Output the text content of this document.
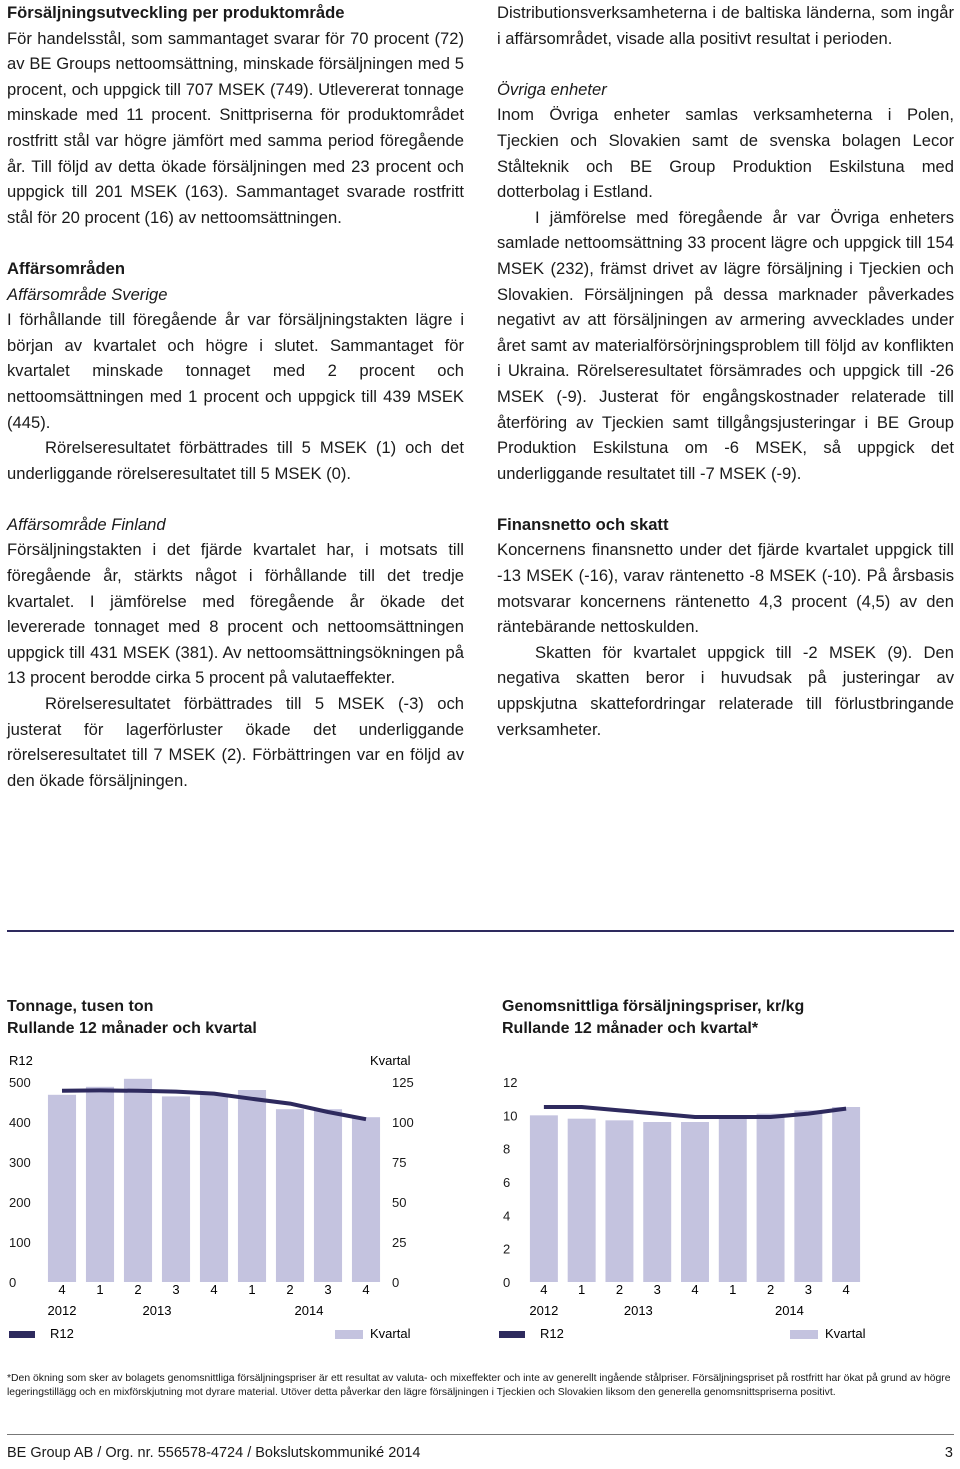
Försäljningsutveckling per produktområde

För handelsstål, som sammantaget svarar för 70 procent (72) av BE Groups nettoomsättning, minskade försäljningen med 5 procent, och uppgick till 707 MSEK (749). Utlevererat tonnage minskade med 11 procent. Snittpriserna för produktområdet rostfritt stål var högre jämfört med samma period föregående år. Till följd av detta ökade försäljningen med 23 procent och uppgick till 201 MSEK (163). Sammantaget svarade rostfritt stål för 20 procent (16) av nettoomsättningen.

Affärsområden
Affärsområde Sverige

I förhållande till föregående år var försäljningstakten lägre i början av kvartalet och högre i slutet. Sammantaget för kvartalet minskade tonnaget med 2 procent och nettoomsättningen med 1 procent och uppgick till 439 MSEK (445).

Rörelseresultatet förbättrades till 5 MSEK (1) och det underliggande rörelseresultatet till 5 MSEK (0).

Affärsområde Finland

Försäljningstakten i det fjärde kvartalet har, i motsats till föregående år, stärkts något i förhållande till det tredje kvartalet. I jämförelse med föregående år ökade det levererade tonnaget med 8 procent och nettoomsättningen uppgick till 431 MSEK (381). Av nettoomsättningsökningen på 13 procent berodde cirka 5 procent på valutaeffekter.

Rörelseresultatet förbättrades till 5 MSEK (-3) och justerat för lagerförluster ökade det underliggande rörelseresultatet till 7 MSEK (2). Förbättringen var en följd av den ökade försäljningen.

Distributionsverksamheterna i de baltiska länderna, som ingår i affärsområdet, visade alla positivt resultat i perioden.

Övriga enheter

Inom Övriga enheter samlas verksamheterna i Polen, Tjeckien och Slovakien samt de svenska bolagen Lecor Stålteknik och BE Group Produktion Eskilstuna med dotterbolag i Estland.

I jämförelse med föregående år var Övriga enheters samlade nettoomsättning 33 procent lägre och uppgick till 154 MSEK (232), främst drivet av lägre försäljning i Tjeckien och Slovakien. Försäljningen på dessa marknader påverkades negativt av att försäljningen av armering avvecklades under året samt av materialförsörjningsproblem till följd av konflikten i Ukraina. Rörelseresultatet försämrades och uppgick till -26 MSEK (-9). Justerat för engångskostnader relaterade till återföring av Tjeckien samt tillgångsjusteringar i BE Group Produktion Eskilstuna om -6 MSEK, så uppgick det underliggande resultatet till -7 MSEK (-9).

Finansnetto och skatt

Koncernens finansnetto under det fjärde kvartalet uppgick till -13 MSEK (-16), varav räntenetto -8 MSEK (-10). På årsbasis motsvarar koncernens räntenetto 4,3 procent (4,5) av den räntebärande nettoskulden.

Skatten för kvartalet uppgick till -2 MSEK (9). Den negativa skatten beror i huvudsak på justeringar av uppskjutna skattefordringar relaterade till förlustbringande verksamheter.

Tonnage, tusen ton
Rullande 12 månader och kvartal
Genomsnittliga försäljningspriser, kr/kg
Rullande 12 månader och kvartal*
0
100
200
300
400
500
0
25
50
75
100
125
R12	Kvartal
4 1 2 3 4 1 2 3 4
2012	2013	2014
R12	Kvartal
0
2
4
6
8
10
12
4 1 2 3 4 1 2 3 4
2012	2013	2014
R12	Kvartal

*Den ökning som sker av bolagets genomsnittliga försäljningspriser är ett resultat av valuta- och mixeffekter och inte av generellt ingående stålpriser. Försäljningspriset på rostfritt har ökat på grund av högre legeringstillägg och en mixförskjutning mot dyrare material. Utöver detta påverkar den lägre försäljningen i Tjeckien och Slovakien liksom den generella genomsnittspriserna positivt.

BE Group AB / Org. nr. 556578-4724 / Bokslutskommuniké 2014	3
